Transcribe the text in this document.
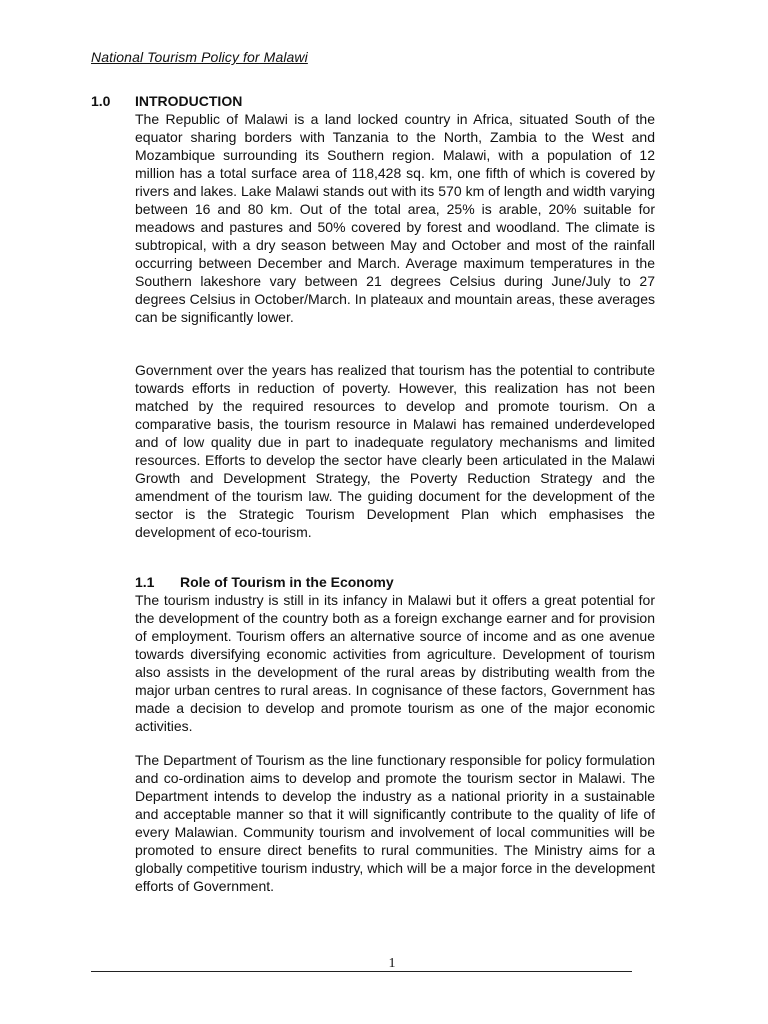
National Tourism Policy for Malawi
1.0 INTRODUCTION

The Republic of Malawi is a land locked country in Africa, situated South of the equator sharing borders with Tanzania to the North, Zambia to the West and Mozambique surrounding its Southern region. Malawi, with a population of 12 million has a total surface area of 118,428 sq. km, one fifth of which is covered by rivers and lakes. Lake Malawi stands out with its 570 km of length and width varying between 16 and 80 km. Out of the total area, 25% is arable, 20% suitable for meadows and pastures and 50% covered by forest and woodland. The climate is subtropical, with a dry season between May and October and most of the rainfall occurring between December and March. Average maximum temperatures in the Southern lakeshore vary between 21 degrees Celsius during June/July to 27 degrees Celsius in October/March. In plateaux and mountain areas, these averages can be significantly lower.

Government over the years has realized that tourism has the potential to contribute towards efforts in reduction of poverty. However, this realization has not been matched by the required resources to develop and promote tourism. On a comparative basis, the tourism resource in Malawi has remained underdeveloped and of low quality due in part to inadequate regulatory mechanisms and limited resources. Efforts to develop the sector have clearly been articulated in the Malawi Growth and Development Strategy, the Poverty Reduction Strategy and the amendment of the tourism law. The guiding document for the development of the sector is the Strategic Tourism Development Plan which emphasises the development of eco-tourism.

1.1 Role of Tourism in the Economy

The tourism industry is still in its infancy in Malawi but it offers a great potential for the development of the country both as a foreign exchange earner and for provision of employment. Tourism offers an alternative source of income and as one avenue towards diversifying economic activities from agriculture. Development of tourism also assists in the development of the rural areas by distributing wealth from the major urban centres to rural areas. In cognisance of these factors, Government has made a decision to develop and promote tourism as one of the major economic activities.

The Department of Tourism as the line functionary responsible for policy formulation and co-ordination aims to develop and promote the tourism sector in Malawi. The Department intends to develop the industry as a national priority in a sustainable and acceptable manner so that it will significantly contribute to the quality of life of every Malawian. Community tourism and involvement of local communities will be promoted to ensure direct benefits to rural communities. The Ministry aims for a globally competitive tourism industry, which will be a major force in the development efforts of Government.

1
